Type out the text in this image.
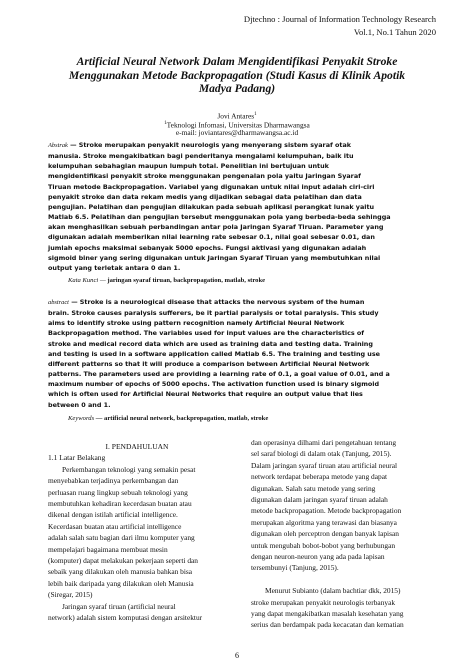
Djtechno : Journal of Information Technology Research
Vol.1, No.1 Tahun 2020
Artificial Neural Network Dalam Mengidentifikasi Penyakit Stroke
Menggunakan Metode Backpropagation (Studi Kasus di Klinik Apotik
Madya Padang)
Jovi Antares$^1$
$^1$Teknologi Infomasi, Universitas Dharmawangsa
e-mail: joviantares@dharmawangsa.ac.id
Abstrak — Stroke merupakan penyakit neurologis yang menyerang sistem syaraf otak
manusia. Stroke mengakibatkan bagi penderitanya mengalami kelumpuhan, baik itu
kelumpuhan sebahagian maupun lumpuh total. Penelitian ini bertujuan untuk
mengidentifikasi penyakit stroke menggunakan pengenalan pola yaitu Jaringan Syaraf
Tiruan metode Backpropagation. Variabel yang digunakan untuk nilai input adalah ciri-ciri
penyakit stroke dan data rekam medis yang dijadikan sebagai data pelatihan dan data
pengujian. Pelatihan dan pengujian dilakukan pada sebuah aplikasi perangkat lunak yaitu
Matlab 6.5. Pelatihan dan pengujian tersebut menggunakan pola yang berbeda-beda sehingga
akan menghasilkan sebuah perbandingan antar pola Jaringan Syaraf Tiruan. Parameter yang
digunakan adalah memberikan nilai learning rate sebesar 0.1, nilai goal sebesar 0.01, dan
jumlah epochs maksimal sebanyak 5000 epochs. Fungsi aktivasi yang digunakan adalah
sigmoid biner yang sering digunakan untuk Jaringan Syaraf Tiruan yang membutuhkan nilai
output yang terletak antara 0 dan 1.
Kata Kunci — jaringan syaraf tiruan, backpropagation, matlab, stroke
abstract — Stroke is a neurological disease that attacks the nervous system of the human
brain. Stroke causes paralysis sufferers, be it partial paralysis or total paralysis. This study
aims to identify stroke using pattern recognition namely Artificial Neural Network
Backpropagation method. The variables used for input values are the characteristics of
stroke and medical record data which are used as training data and testing data. Training
and testing is used in a software application called Matlab 6.5. The training and testing use
different patterns so that it will produce a comparison between Artificial Neural Network
patterns. The parameters used are providing a learning rate of 0.1, a goal value of 0.01, and a
maximum number of epochs of 5000 epochs. The activation function used is binary sigmoid
which is often used for Artificial Neural Networks that require an output value that lies
between 0 and 1.
Keywords — artificial neural network, backpropagation, matlab, stroke
I. PENDAHULUAN
1.1 Latar Belakang
Perkembangan teknologi yang semakin pesat
menyebabkan terjadinya perkembangan dan
perluasan ruang lingkup sebuah teknologi yang
membutuhkan kehadiran kecerdasan buatan atau
dikenal dengan istilah artificial intelligence.
Kecerdasan buatan atau artificial intelligence
adalah salah satu bagian dari ilmu komputer yang
mempelajari bagaimana membuat mesin
(komputer) dapat melakukan pekerjaan seperti dan
sebaik yang dilakukan oleh manusia bahkan bisa
lebih baik daripada yang dilakukan oleh Manusia
(Siregar, 2015)
Jaringan syaraf tiruan (artificial neural
network) adalah sistem komputasi dengan arsitektur
dan operasinya dilhami dari pengetahuan tentang
sel saraf biologi di dalam otak (Tanjung, 2015).
Dalam jaringan syaraf tiruan atau artificial neural
network terdapat beberapa metode yang dapat
digunakan. Salah satu metode yang sering
digunakan dalam jaringan syaraf tiruan adalah
metode backpropagation. Metode backpropagation
merupakan algoritma yang terawasi dan biasanya
digunakan oleh perceptron dengan banyak lapisan
untuk mengubah bobot-bobot yang berhubungan
dengan neuron-neuron yang ada pada lapisan
tersembunyi (Tanjung, 2015).
Menurut Subianto (dalam bachtiar dkk, 2015)
stroke merupakan penyakit neurologis terbanyak
yang dapat mengakibatkan masalah kesehatan yang
serius dan berdampak pada kecacatan dan kematian
6
